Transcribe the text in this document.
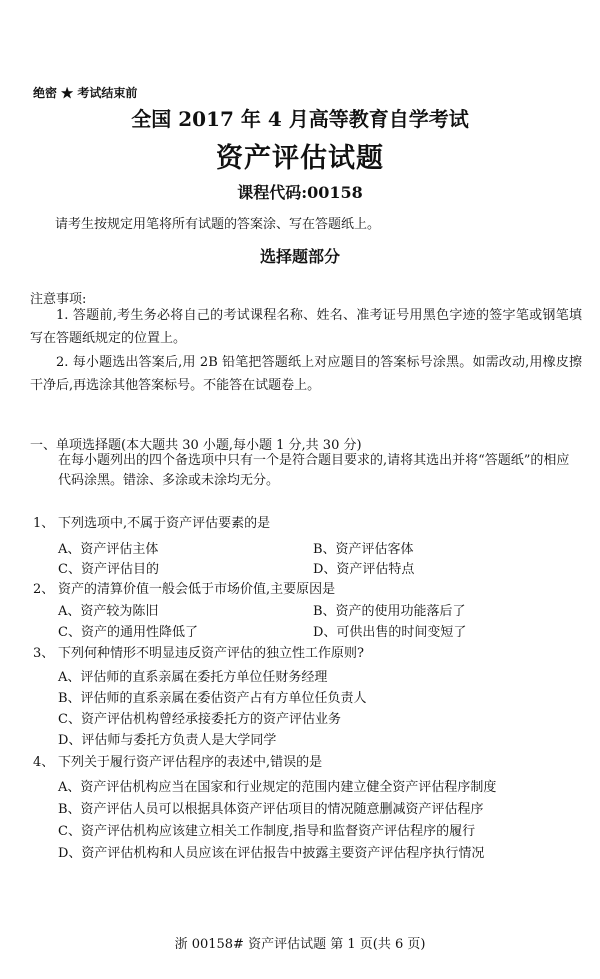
绝密 ★ 考试结束前
全国 2017 年 4 月高等教育自学考试
资产评估试题
课程代码:00158
请考生按规定用笔将所有试题的答案涂、写在答题纸上。
选择题部分
注意事项:
1. 答题前,考生务必将自己的考试课程名称、姓名、准考证号用黑色字迹的签字笔或钢笔填写在答题纸规定的位置上。
2. 每小题选出答案后,用 2B 铅笔把答题纸上对应题目的答案标号涂黑。如需改动,用橡皮擦干净后,再选涂其他答案标号。不能答在试题卷上。
一、单项选择题(本大题共 30 小题,每小题 1 分,共 30 分)
在每小题列出的四个备选项中只有一个是符合题目要求的,请将其选出并将“答题纸”的相应代码涂黑。错涂、多涂或未涂均无分。
1、 下列选项中,不属于资产评估要素的是
A、资产评估主体	B、资产评估客体
C、资产评估目的	D、资产评估特点
2、 资产的清算价值一般会低于市场价值,主要原因是
A、资产较为陈旧	B、资产的使用功能落后了
C、资产的通用性降低了	D、可供出售的时间变短了
3、 下列何种情形不明显违反资产评估的独立性工作原则?
A、评估师的直系亲属在委托方单位任财务经理
B、评估师的直系亲属在委估资产占有方单位任负责人
C、资产评估机构曾经承接委托方的资产评估业务
D、评估师与委托方负责人是大学同学
4、 下列关于履行资产评估程序的表述中,错误的是
A、资产评估机构应当在国家和行业规定的范围内建立健全资产评估程序制度
B、资产评估人员可以根据具体资产评估项目的情况随意删减资产评估程序
C、资产评估机构应该建立相关工作制度,指导和监督资产评估程序的履行
D、资产评估机构和人员应该在评估报告中披露主要资产评估程序执行情况
浙 00158# 资产评估试题 第 1 页(共 6 页)
